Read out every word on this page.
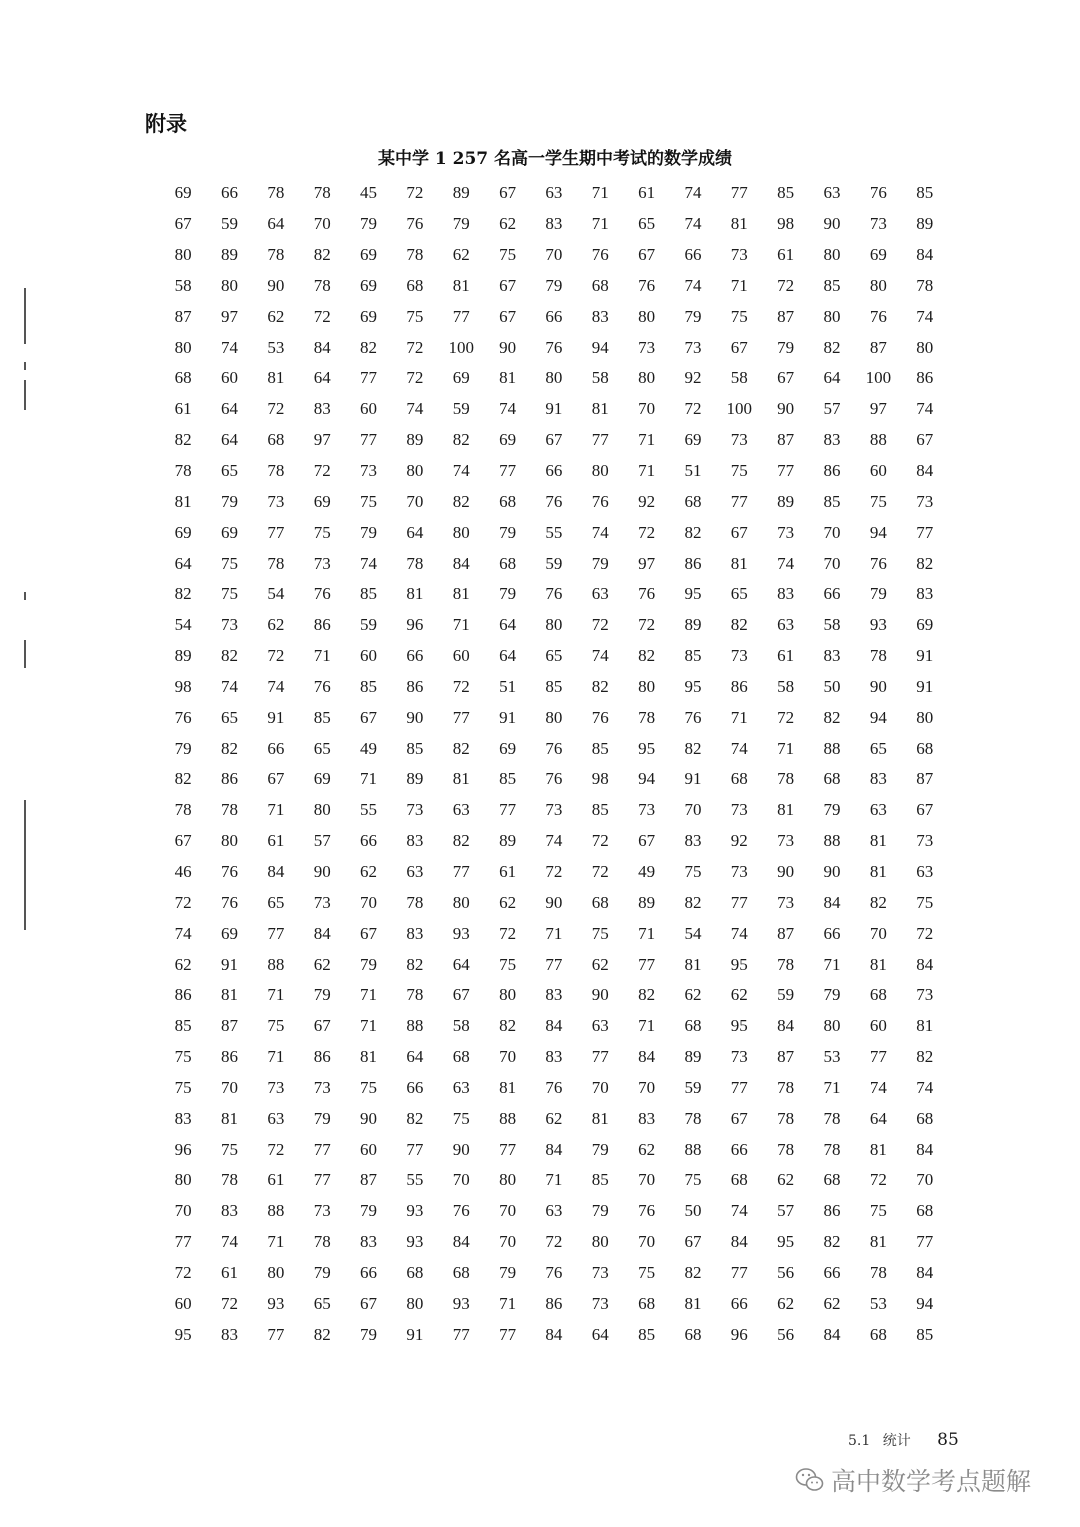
附录
某中学 1 257 名高一学生期中考试的数学成绩
69	66	78	78	45	72	89	67	63	71	61	74	77	85	63	76	85
67	59	64	70	79	76	79	62	83	71	65	74	81	98	90	73	89
80	89	78	82	69	78	62	75	70	76	67	66	73	61	80	69	84
58	80	90	78	69	68	81	67	79	68	76	74	71	72	85	80	78
87	97	62	72	69	75	77	67	66	83	80	79	75	87	80	76	74
80	74	53	84	82	72	100	90	76	94	73	73	67	79	82	87	80
68	60	81	64	77	72	69	81	80	58	80	92	58	67	64	100	86
61	64	72	83	60	74	59	74	91	81	70	72	100	90	57	97	74
82	64	68	97	77	89	82	69	67	77	71	69	73	87	83	88	67
78	65	78	72	73	80	74	77	66	80	71	51	75	77	86	60	84
81	79	73	69	75	70	82	68	76	76	92	68	77	89	85	75	73
69	69	77	75	79	64	80	79	55	74	72	82	67	73	70	94	77
64	75	78	73	74	78	84	68	59	79	97	86	81	74	70	76	82
82	75	54	76	85	81	81	79	76	63	76	95	65	83	66	79	83
54	73	62	86	59	96	71	64	80	72	72	89	82	63	58	93	69
89	82	72	71	60	66	60	64	65	74	82	85	73	61	83	78	91
98	74	74	76	85	86	72	51	85	82	80	95	86	58	50	90	91
76	65	91	85	67	90	77	91	80	76	78	76	71	72	82	94	80
79	82	66	65	49	85	82	69	76	85	95	82	74	71	88	65	68
82	86	67	69	71	89	81	85	76	98	94	91	68	78	68	83	87
78	78	71	80	55	73	63	77	73	85	73	70	73	81	79	63	67
67	80	61	57	66	83	82	89	74	72	67	83	92	73	88	81	73
46	76	84	90	62	63	77	61	72	72	49	75	73	90	90	81	63
72	76	65	73	70	78	80	62	90	68	89	82	77	73	84	82	75
74	69	77	84	67	83	93	72	71	75	71	54	74	87	66	70	72
62	91	88	62	79	82	64	75	77	62	77	81	95	78	71	81	84
86	81	71	79	71	78	67	80	83	90	82	62	62	59	79	68	73
85	87	75	67	71	88	58	82	84	63	71	68	95	84	80	60	81
75	86	71	86	81	64	68	70	83	77	84	89	73	87	53	77	82
75	70	73	73	75	66	63	81	76	70	70	59	77	78	71	74	74
83	81	63	79	90	82	75	88	62	81	83	78	67	78	78	64	68
96	75	72	77	60	77	90	77	84	79	62	88	66	78	78	81	84
80	78	61	77	87	55	70	80	71	85	70	75	68	62	68	72	70
70	83	88	73	79	93	76	70	63	79	76	50	74	57	86	75	68
77	74	71	78	83	93	84	70	72	80	70	67	84	95	82	81	77
72	61	80	79	66	68	68	79	76	73	75	82	77	56	66	78	84
60	72	93	65	67	80	93	71	86	73	68	81	66	62	62	53	94
95	83	77	82	79	91	77	77	84	64	85	68	96	56	84	68	85
5.1 统计 85
高中数学考点题解
